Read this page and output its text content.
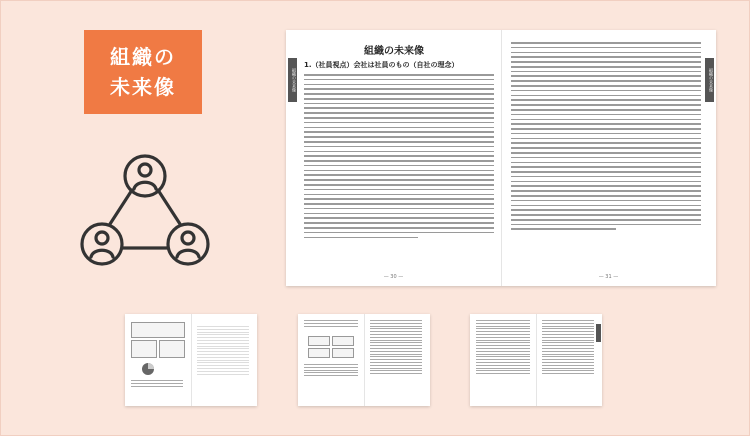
組織の
未来像	組織の未来像
組織の未来像
1.（社員視点）会社は社員のもの（自社の理念）
— 30 —
組織の未来像
— 31 —
